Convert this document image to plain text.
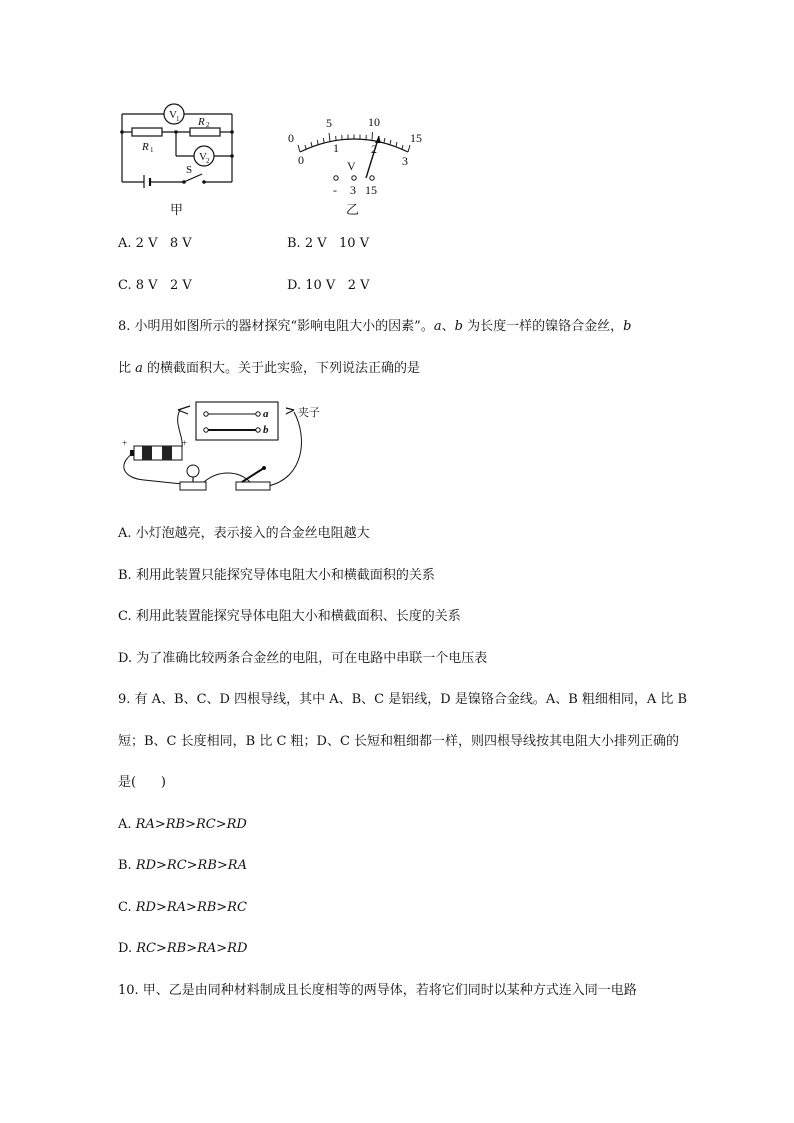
V 1 R 2
R 1
V 2
S
甲
0
5	10
15
0
1	2
3
V
- 3 15
乙
A. 2 V   8 V	B. 2 V   10 V
C. 8 V   2 V	D. 10 V   2 V
8. 小明用如图所示的器材探究“影响电阻大小的因素”。a、b 为长度一样的镍铬合金丝，b
比 a 的横截面积大。关于此实验，下列说法正确的是
a
b
夹子
+	+
A. 小灯泡越亮，表示接入的合金丝电阻越大
B. 利用此装置只能探究导体电阻大小和横截面积的关系
C. 利用此装置能探究导体电阻大小和横截面积、长度的关系
D. 为了准确比较两条合金丝的电阻，可在电路中串联一个电压表
9. 有 A、B、C、D 四根导线，其中 A、B、C 是铝线，D 是镍铬合金线。A、B 粗细相同，A 比 B
短；B、C 长度相同，B 比 C 粗；D、C 长短和粗细都一样，则四根导线按其电阻大小排列正确的
是(      )
A. RA>RB>RC>RD
B. RD>RC>RB>RA
C. RD>RA>RB>RC
D. RC>RB>RA>RD
10. 甲、乙是由同种材料制成且长度相等的两导体，若将它们同时以某种方式连入同一电路
